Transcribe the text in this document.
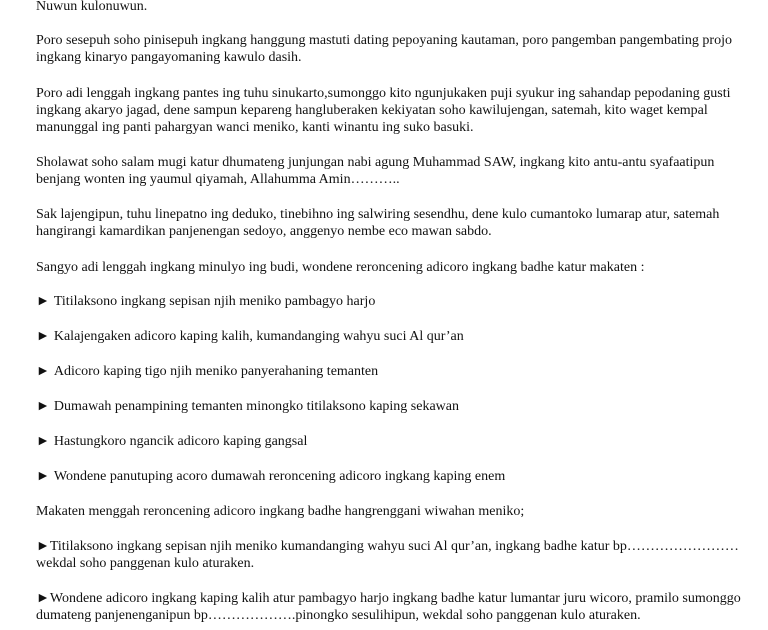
Nuwun kulonuwun.

Poro sesepuh soho pinisepuh ingkang hanggung mastuti dating pepoyaning kautaman, poro pangemban pangembating projo ingkang kinaryo pangayomaning kawulo dasih.

Poro adi lenggah ingkang pantes ing tuhu sinukarto,sumonggo kito ngunjukaken puji syukur ing sahandap pepodaning gusti ingkang akaryo jagad, dene sampun kepareng hangluberaken kekiyatan soho kawilujengan, satemah, kito waget kempal manunggal ing panti pahargyan wanci meniko, kanti winantu ing suko basuki.

Sholawat soho salam mugi katur dhumateng junjungan nabi agung Muhammad SAW, ingkang kito antu-antu syafaatipun benjang wonten ing yaumul qiyamah, Allahumma Amin………..

Sak lajengipun, tuhu linepatno ing deduko, tinebihno ing salwiring sesendhu, dene kulo cumantoko lumarap atur, satemah hangirangi kamardikan panjenengan sedoyo, anggenyo nembe eco mawan sabdo.

Sangyo adi lenggah ingkang minulyo ing budi, wondene reroncening adicoro ingkang badhe katur makaten :

► Titilaksono ingkang sepisan njih meniko pambagyo harjo

► Kalajengaken adicoro kaping kalih, kumandanging wahyu suci Al qur’an

► Adicoro kaping tigo njih meniko panyerahaning temanten

► Dumawah penampining temanten minongko titilaksono kaping sekawan

► Hastungkoro ngancik adicoro kaping gangsal

► Wondene panutuping acoro dumawah reroncening adicoro ingkang kaping enem

Makaten menggah reroncening adicoro ingkang badhe hangrenggani wiwahan meniko;

►Titilaksono ingkang sepisan njih meniko kumandanging wahyu suci Al qur’an, ingkang badhe katur bp……………………wekdal soho panggenan kulo aturaken.

►Wondene adicoro ingkang kaping kalih atur pambagyo harjo ingkang badhe katur lumantar juru wicoro, pramilo sumonggo dumateng panjenenganipun bp……………….pinongko sesulihipun, wekdal soho panggenan kulo aturaken.
